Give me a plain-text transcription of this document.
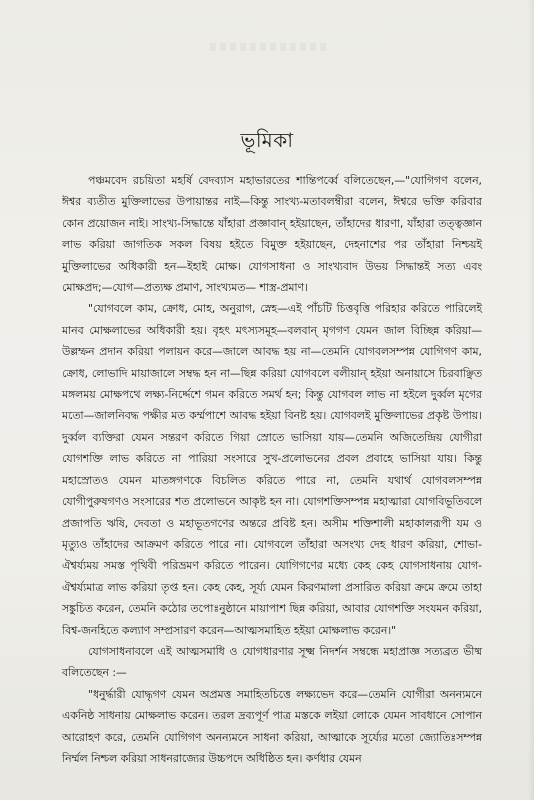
ভূমিকা

পঞ্চমবেদ রচয়িতা মহর্ষি বেদব্যাস মহাভারতের শান্তিপর্ব্বে বলিতেছেন,—"যোগিগণ বলেন, ঈশ্বর ব্যতীত মুক্তিলাভের উপায়ান্তর নাই—কিন্তু সাংখ্য-মতাবলম্বীরা বলেন, ঈশ্বরে ভক্তি করিবার কোন প্রয়োজন নাই। সাংখ্য-সিদ্ধান্তে যাঁহারা প্রজ্ঞাবান্ হইয়াছেন, তাঁহাদের ধারণা, যাঁহারা তত্ত্বজ্ঞান লাভ করিয়া জাগতিক সকল বিষয় হইতে বিমুক্ত হইয়াছেন, দেহনাশের পর তাঁহারা নিশ্চয়ই মুক্তিলাভের অধিকারী হন—ইহাই মোক্ষ। যোগসাধনা ও সাংখ্যবাদ উভয় সিদ্ধান্তই সত্য এবং মোক্ষপ্রদ;—যোগ—প্রত্যক্ষ প্রমাণ, সাংখ্যমত— শাস্ত্র-প্রমাণ।

"যোগবলে কাম, ক্রোধ, মোহ, অনুরাগ, স্নেহ—এই পাঁচটি চিত্তবৃত্তি পরিহার করিতে পারিলেই মানব মোক্ষলাভের অধিকারী হয়। বৃহৎ মৎস্যসমূহ—বলবান্ মৃগগণ যেমন জাল বিচ্ছিন্ন করিয়া—উল্লম্ফন প্রদান করিয়া পলায়ন করে—জালে আবদ্ধ হয় না—তেমনি যোগবলসম্পন্ন যোগিগণ কাম, ক্রোধ, লোভাদি মায়াজালে সম্বদ্ধ হন না—ছিন্ন করিয়া যোগবলে বলীয়ান্ হইয়া অনায়াসে চিরবাঞ্ছিত মঙ্গলময় মোক্ষপথে লক্ষ্য-নির্দ্দেশে গমন করিতে সমর্থ হন; কিন্তু যোগবল লাভ না হইলে দুর্ব্বল মৃগের মতো—জালনিবদ্ধ পক্ষীর মত কর্ম্মপাশে আবদ্ধ হইয়া বিনষ্ট হয়। যোগবলই মুক্তিলাভের প্রকৃষ্ট উপায়। দুর্ব্বল ব্যক্তিরা যেমন সন্তরণ করিতে গিয়া স্রোতে ভাসিয়া যায়—তেমনি অজিতেন্দ্রিয় যোগীরা যোগশক্তি লাভ করিতে না পারিয়া সংসারে সুখ-প্রলোভনের প্রবল প্রবাহে ভাসিয়া যায়। কিন্তু মহাস্রোতও যেমন মাতঙ্গগণকে বিচলিত করিতে পারে না, তেমনি যথার্থ যোগবলসম্পন্ন যোগীপুরুষগণও সংসারের শত প্রলোভনে আকৃষ্ট হন না। যোগশক্তিসম্পন্ন মহাত্মারা যোগবিভূতিবলে প্রজাপতি ঋষি, দেবতা ও মহাভূতগণের অন্তরে প্রবিষ্ট হন। অসীম শক্তিশালী মহাকালরূপী যম ও মৃত্যুও তাঁহাদের আক্রমণ করিতে পারে না। যোগবলে তাঁহারা অসংখ্য দেহ ধারণ করিয়া, শোভা-ঐশ্বর্য্যময় সমস্ত পৃথিবী পরিভ্রমণ করিতে পারেন। যোগিগণের মধ্যে কেহ কেহ যোগসাধনায় যোগ-ঐশ্বর্য্যমাত্র লাভ করিয়া তৃপ্ত হন। কেহ কেহ, সূর্য্য যেমন কিরণমালা প্রসারিত করিয়া ক্রমে ক্রমে তাহা সঙ্কুচিত করেন, তেমনি কঠোর তপোঃনুষ্ঠানে মায়াপাশ ছিন্ন করিয়া, আবার যোগশক্তি সংযমন করিয়া, বিশ্ব-জনহিতে কল্যাণ সম্প্রসারণ করেন—আত্মসমাহিত হইয়া মোক্ষলাভ করেন।"

যোগসাধনাবলে এই আত্মসমাধি ও যোগধারণার সূক্ষ্ম নিদর্শন সম্বন্ধে মহাপ্রাজ্ঞ সত্যব্রত ভীষ্ম বলিতেছেন :—

"ধনুর্দ্ধারী যোদ্ধৃগণ যেমন অপ্রমত্ত সমাহিতচিত্তে লক্ষ্যভেদ করে—তেমনি যোগীরা অনন্যমনে একনিষ্ঠ সাধনায় মোক্ষলাভ করেন। তরল দ্রব্যপূর্ণ পাত্র মস্তকে লইয়া লোকে যেমন সাবধানে সোপান আরোহণ করে, তেমনি যোগিগণ অনন্যমনে সাধনা করিয়া, আত্মাকে সূর্য্যের মতো জ্যোতিঃসম্পন্ন নির্ম্মল নিশ্চল করিয়া সাধনরাজ্যের উচ্চপদে অধিষ্ঠিত হন। কর্ণধার যেমন
